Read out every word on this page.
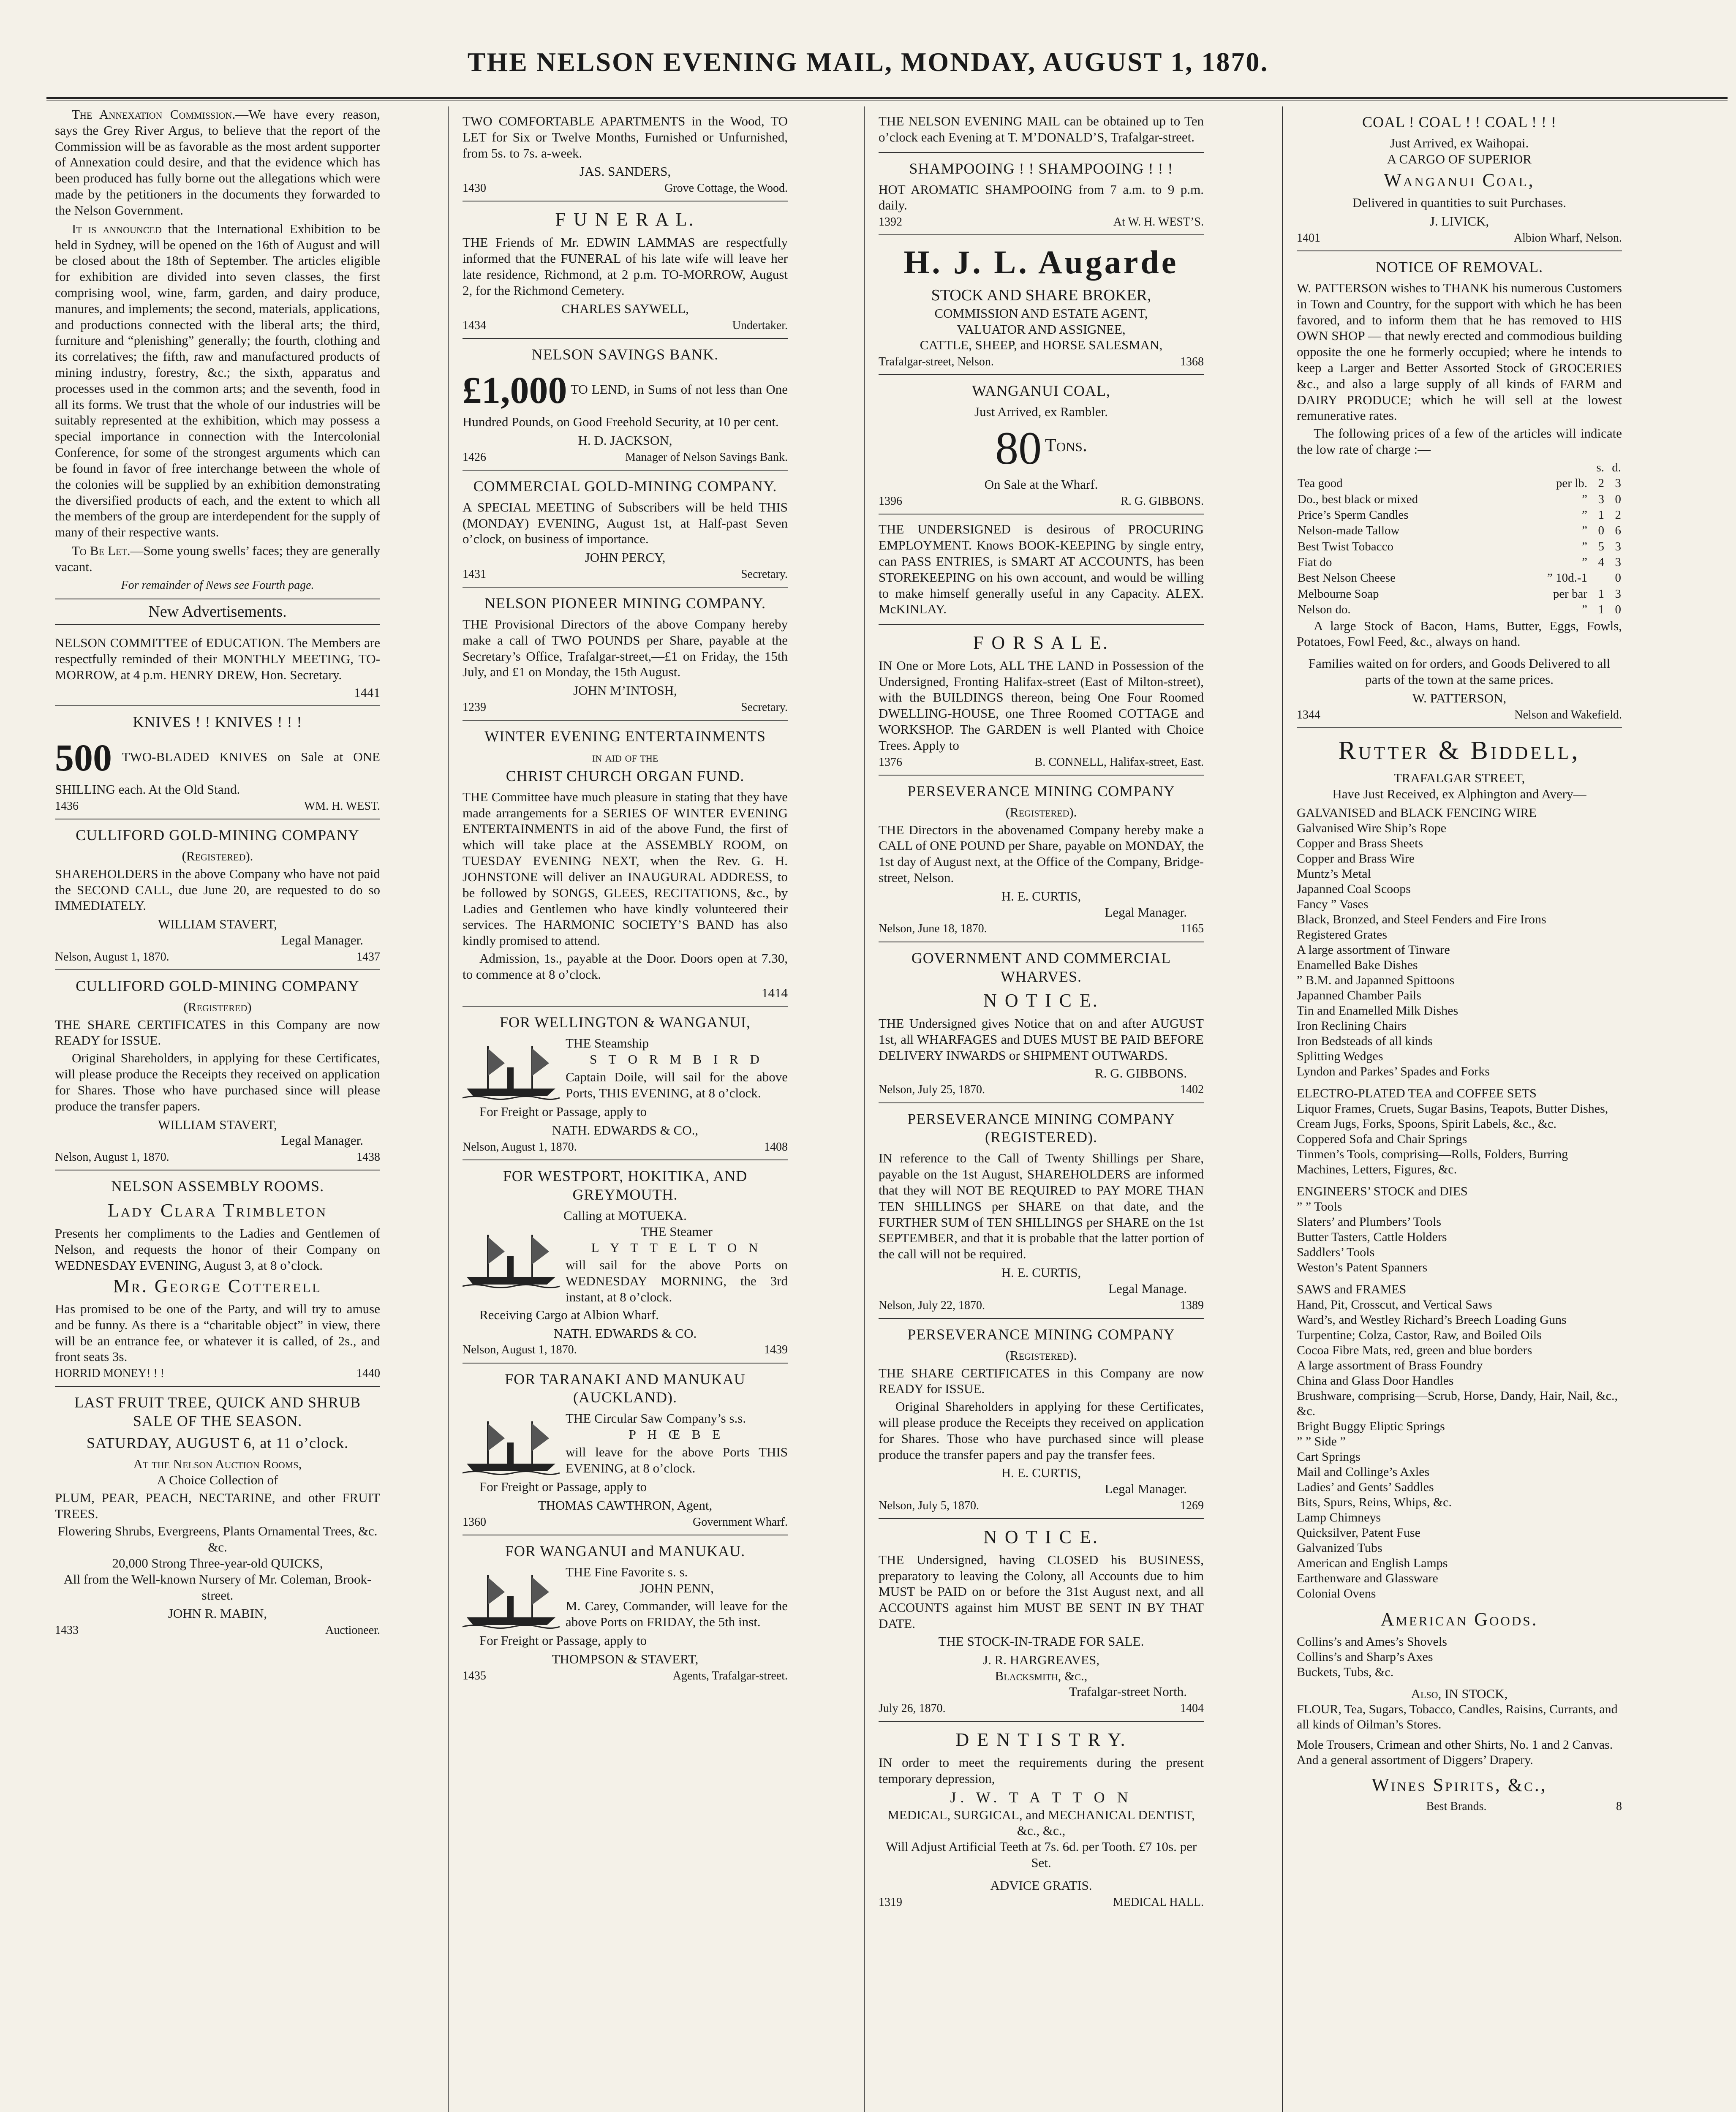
THE NELSON EVENING MAIL, MONDAY, AUGUST 1, 1870.

The Annexation Commission.—We have every reason, says the Grey River Argus, to believe that the report of the Commission will be as favorable as the most ardent supporter of Annexation could desire, and that the evidence which has been produced has fully borne out the allegations which were made by the petitioners in the documents they forwarded to the Nelson Government.

It is announced that the International Exhibition to be held in Sydney, will be opened on the 16th of August and will be closed about the 18th of September. The articles eligible for exhibition are divided into seven classes, the first comprising wool, wine, farm, garden, and dairy produce, manures, and implements; the second, materials, applications, and productions connected with the liberal arts; the third, furniture and “plenishing” generally; the fourth, clothing and its correlatives; the fifth, raw and manufactured products of mining industry, forestry, &c.; the sixth, apparatus and processes used in the common arts; and the seventh, food in all its forms. We trust that the whole of our industries will be suitably represented at the exhibition, which may possess a special importance in connection with the Intercolonial Conference, for some of the strongest arguments which can be found in favor of free interchange between the whole of the colonies will be supplied by an exhibition demonstrating the diversified products of each, and the extent to which all the members of the group are interdependent for the supply of many of their respective wants.

To Be Let.—Some young swells’ faces; they are generally vacant.

For remainder of News see Fourth page.

New Advertisements.

NELSON COMMITTEE of EDUCATION. The Members are respectfully reminded of their MONTHLY MEETING, TO-MORROW, at 4 p.m. HENRY DREW, Hon. Secretary.

1441

KNIVES ! ! KNIVES ! ! !

500 TWO-BLADED KNIVES on Sale at ONE SHILLING each. At the Old Stand.

1436	WM. H. WEST.
CULLIFORD GOLD-MINING COMPANY
(Registered).

SHAREHOLDERS in the above Company who have not paid the SECOND CALL, due June 20, are requested to do so IMMEDIATELY.

WILLIAM STAVERT,

Legal Manager.

Nelson, August 1, 1870.	1437
CULLIFORD GOLD-MINING COMPANY
(Registered)

THE SHARE CERTIFICATES in this Company are now READY for ISSUE.

Original Shareholders, in applying for these Certificates, will please produce the Receipts they received on application for Shares. Those who have purchased since will please produce the transfer papers.

WILLIAM STAVERT,

Legal Manager.

Nelson, August 1, 1870.	1438
NELSON ASSEMBLY ROOMS.
Lady Clara Trimbleton

Presents her compliments to the Ladies and Gentlemen of Nelson, and requests the honor of their Company on WEDNESDAY EVENING, August 3, at 8 o’clock.

Mr. George Cotterell

Has promised to be one of the Party, and will try to amuse and be funny. As there is a “charitable object” in view, there will be an entrance fee, or whatever it is called, of 2s., and front seats 3s.

HORRID MONEY! ! !	1440
LAST FRUIT TREE, QUICK AND SHRUB SALE OF THE SEASON.
SATURDAY, AUGUST 6, at 11 o’clock.
At the Nelson Auction Rooms,
A Choice Collection of

PLUM, PEAR, PEACH, NECTARINE, and other FRUIT TREES.

Flowering Shrubs, Evergreens, Plants Ornamental Trees, &c. &c.

20,000 Strong Three-year-old QUICKS,

All from the Well-known Nursery of Mr. Coleman, Brook-street.

JOHN R. MABIN,

1433	Auctioneer.

TWO COMFORTABLE APARTMENTS in the Wood, TO LET for Six or Twelve Months, Furnished or Unfurnished, from 5s. to 7s. a-week.

JAS. SANDERS,

1430	Grove Cottage, the Wood.
F U N E R A L.

THE Friends of Mr. EDWIN LAMMAS are respectfully informed that the FUNERAL of his late wife will leave her late residence, Richmond, at 2 p.m. TO-MORROW, August 2, for the Richmond Cemetery.

CHARLES SAYWELL,

1434	Undertaker.
NELSON SAVINGS BANK.

£1,000 TO LEND, in Sums of not less than One Hundred Pounds, on Good Freehold Security, at 10 per cent.

H. D. JACKSON,

1426	Manager of Nelson Savings Bank.
COMMERCIAL GOLD-MINING COMPANY.

A SPECIAL MEETING of Subscribers will be held THIS (MONDAY) EVENING, August 1st, at Half-past Seven o’clock, on business of importance.

JOHN PERCY,

1431	Secretary.
NELSON PIONEER MINING COMPANY.

THE Provisional Directors of the above Company hereby make a call of TWO POUNDS per Share, payable at the Secretary’s Office, Trafalgar-street,—£1 on Friday, the 15th July, and £1 on Monday, the 15th August.

JOHN M’INTOSH,

1239	Secretary.
WINTER EVENING ENTERTAINMENTS
in aid of the
CHRIST CHURCH ORGAN FUND.

THE Committee have much pleasure in stating that they have made arrangements for a SERIES OF WINTER EVENING ENTERTAINMENTS in aid of the above Fund, the first of which will take place at the ASSEMBLY ROOM, on TUESDAY EVENING NEXT, when the Rev. G. H. JOHNSTONE will deliver an INAUGURAL ADDRESS, to be followed by SONGS, GLEES, RECITATIONS, &c., by Ladies and Gentlemen who have kindly volunteered their services. The HARMONIC SOCIETY’S BAND has also kindly promised to attend.

Admission, 1s., payable at the Door. Doors open at 7.30, to commence at 8 o’clock.

1414

FOR WELLINGTON & WANGANUI,

THE Steamship

S T O R M B I R D

Captain Doile, will sail for the above Ports, THIS EVENING, at 8 o’clock.

For Freight or Passage, apply to

NATH. EDWARDS & CO.,

Nelson, August 1, 1870.	1408
FOR WESTPORT, HOKITIKA, AND GREYMOUTH.
Calling at MOTUEKA.

THE Steamer

L Y T T E L T O N

will sail for the above Ports on WEDNESDAY MORNING, the 3rd instant, at 8 o’clock.

Receiving Cargo at Albion Wharf.

NATH. EDWARDS & CO.

Nelson, August 1, 1870.	1439
FOR TARANAKI AND MANUKAU (AUCKLAND).

THE Circular Saw Company’s s.s.

P H Œ B E

will leave for the above Ports THIS EVENING, at 8 o’clock.

For Freight or Passage, apply to

THOMAS CAWTHRON, Agent,

1360	Government Wharf.
FOR WANGANUI and MANUKAU.

THE Fine Favorite s. s.

JOHN PENN,

M. Carey, Commander, will leave for the above Ports on FRIDAY, the 5th inst.

For Freight or Passage, apply to

THOMPSON & STAVERT,

1435	Agents, Trafalgar-street.

THE NELSON EVENING MAIL can be obtained up to Ten o’clock each Evening at T. M’DONALD’S, Trafalgar-street.

SHAMPOOING ! ! SHAMPOOING ! ! !

HOT AROMATIC SHAMPOOING from 7 a.m. to 9 p.m. daily.

1392	At W. H. WEST’S.
H. J. L. Augarde

STOCK AND SHARE BROKER,

COMMISSION AND ESTATE AGENT,

VALUATOR AND ASSIGNEE,

CATTLE, SHEEP, and HORSE SALESMAN,

Trafalgar-street, Nelson.	1368
WANGANUI COAL,
Just Arrived, ex Rambler.

80 Tons.

On Sale at the Wharf.

1396	R. G. GIBBONS.

THE UNDERSIGNED is desirous of PROCURING EMPLOYMENT. Knows BOOK-KEEPING by single entry, can PASS ENTRIES, is SMART AT ACCOUNTS, has been STOREKEEPING on his own account, and would be willing to make himself generally useful in any Capacity. ALEX. McKINLAY.

F O R S A L E.

IN One or More Lots, ALL THE LAND in Possession of the Undersigned, Fronting Halifax-street (East of Milton-street), with the BUILDINGS thereon, being One Four Roomed DWELLING-HOUSE, one Three Roomed COTTAGE and WORKSHOP. The GARDEN is well Planted with Choice Trees. Apply to

1376	B. CONNELL, Halifax-street, East.
PERSEVERANCE MINING COMPANY
(Registered).

THE Directors in the abovenamed Company hereby make a CALL of ONE POUND per Share, payable on MONDAY, the 1st day of August next, at the Office of the Company, Bridge-street, Nelson.

H. E. CURTIS,

Legal Manager.

Nelson, June 18, 1870.	1165
GOVERNMENT AND COMMERCIAL WHARVES.
N O T I C E.

THE Undersigned gives Notice that on and after AUGUST 1st, all WHARFAGES and DUES MUST BE PAID BEFORE DELIVERY INWARDS or SHIPMENT OUTWARDS.

R. G. GIBBONS.

Nelson, July 25, 1870.	1402
PERSEVERANCE MINING COMPANY (REGISTERED).

IN reference to the Call of Twenty Shillings per Share, payable on the 1st August, SHAREHOLDERS are informed that they will NOT BE REQUIRED to PAY MORE THAN TEN SHILLINGS per SHARE on that date, and the FURTHER SUM of TEN SHILLINGS per SHARE on the 1st SEPTEMBER, and that it is probable that the latter portion of the call will not be required.

H. E. CURTIS,

Legal Manage.

Nelson, July 22, 1870.	1389
PERSEVERANCE MINING COMPANY
(Registered).

THE SHARE CERTIFICATES in this Company are now READY for ISSUE.

Original Shareholders in applying for these Certificates, will please produce the Receipts they received on application for Shares. Those who have purchased since will please produce the transfer papers and pay the transfer fees.

H. E. CURTIS,

Legal Manager.

Nelson, July 5, 1870.	1269
N O T I C E.

THE Undersigned, having CLOSED his BUSINESS, preparatory to leaving the Colony, all Accounts due to him MUST be PAID on or before the 31st August next, and all ACCOUNTS against him MUST BE SENT IN BY THAT DATE.

THE STOCK-IN-TRADE FOR SALE.

J. R. HARGREAVES,

Blacksmith, &c.,

Trafalgar-street North.

July 26, 1870.	1404
D E N T I S T R Y.

IN order to meet the requirements during the present temporary depression,

J. W. T A T T O N

MEDICAL, SURGICAL, and MECHANICAL DENTIST, &c., &c.,

Will Adjust Artificial Teeth at 7s. 6d. per Tooth. £7 10s. per Set.

ADVICE GRATIS.

1319	MEDICAL HALL.
COAL ! COAL ! ! COAL ! ! !
Just Arrived, ex Waihopai.
A CARGO OF SUPERIOR
Wanganui Coal,
Delivered in quantities to suit Purchases.

J. LIVICK,

1401	Albion Wharf, Nelson.
NOTICE OF REMOVAL.

W. PATTERSON wishes to THANK his numerous Customers in Town and Country, for the support with which he has been favored, and to inform them that he has removed to HIS OWN SHOP — that newly erected and commodious building opposite the one he formerly occupied; where he intends to keep a Larger and Better Assorted Stock of GROCERIES &c., and also a large supply of all kinds of FARM and DAIRY PRODUCE; which he will sell at the lowest remunerative rates.

The following prices of a few of the articles will indicate the low rate of charge :—

		s.	d.
Tea good	per lb.	2	3
Do., best black or mixed	”	3	0
Price’s Sperm Candles	”	1	2
Nelson-made Tallow	”	0	6
Best Twist Tobacco	”	5	3
Fiat do	”	4	3
Best Nelson Cheese	” 10d.-1		0
Melbourne Soap	per bar	1	3
Nelson do.	”	1	0

A large Stock of Bacon, Hams, Butter, Eggs, Fowls, Potatoes, Fowl Feed, &c., always on hand.

Families waited on for orders, and Goods Delivered to all parts of the town at the same prices.

W. PATTERSON,

1344	Nelson and Wakefield.
Rutter & Biddell,
TRAFALGAR STREET,
Have Just Received, ex Alphington and Avery—

GALVANISED and BLACK FENCING WIRE

Galvanised Wire Ship’s Rope

Copper and Brass Sheets

Copper and Brass Wire

Muntz’s Metal

Japanned Coal Scoops

Fancy ” Vases

Black, Bronzed, and Steel Fenders and Fire Irons

Registered Grates

A large assortment of Tinware

Enamelled Bake Dishes

” B.M. and Japanned Spittoons

Japanned Chamber Pails

Tin and Enamelled Milk Dishes

Iron Reclining Chairs

Iron Bedsteads of all kinds

Splitting Wedges

Lyndon and Parkes’ Spades and Forks

ELECTRO-PLATED TEA and COFFEE SETS

Liquor Frames, Cruets, Sugar Basins, Teapots, Butter Dishes, Cream Jugs, Forks, Spoons, Spirit Labels, &c., &c.

Coppered Sofa and Chair Springs

Tinmen’s Tools, comprising—Rolls, Folders, Burring Machines, Letters, Figures, &c.

ENGINEERS’ STOCK and DIES

” ” Tools

Slaters’ and Plumbers’ Tools

Butter Tasters, Cattle Holders

Saddlers’ Tools

Weston’s Patent Spanners

SAWS and FRAMES

Hand, Pit, Crosscut, and Vertical Saws

Ward’s, and Westley Richard’s Breech Loading Guns

Turpentine; Colza, Castor, Raw, and Boiled Oils

Cocoa Fibre Mats, red, green and blue borders

A large assortment of Brass Foundry

China and Glass Door Handles

Brushware, comprising—Scrub, Horse, Dandy, Hair, Nail, &c., &c.

Bright Buggy Eliptic Springs

” ” Side ”

Cart Springs

Mail and Collinge’s Axles

Ladies’ and Gents’ Saddles

Bits, Spurs, Reins, Whips, &c.

Lamp Chimneys

Quicksilver, Patent Fuse

Galvanized Tubs

American and English Lamps

Earthenware and Glassware

Colonial Ovens

American Goods.

Collins’s and Ames’s Shovels

Collins’s and Sharp’s Axes

Buckets, Tubs, &c.

Also, IN STOCK,

FLOUR, Tea, Sugars, Tobacco, Candles, Raisins, Currants, and all kinds of Oilman’s Stores.

Mole Trousers, Crimean and other Shirts, No. 1 and 2 Canvas.

And a general assortment of Diggers’ Drapery.

Wines Spirits, &c.,
Best Brands.	8
